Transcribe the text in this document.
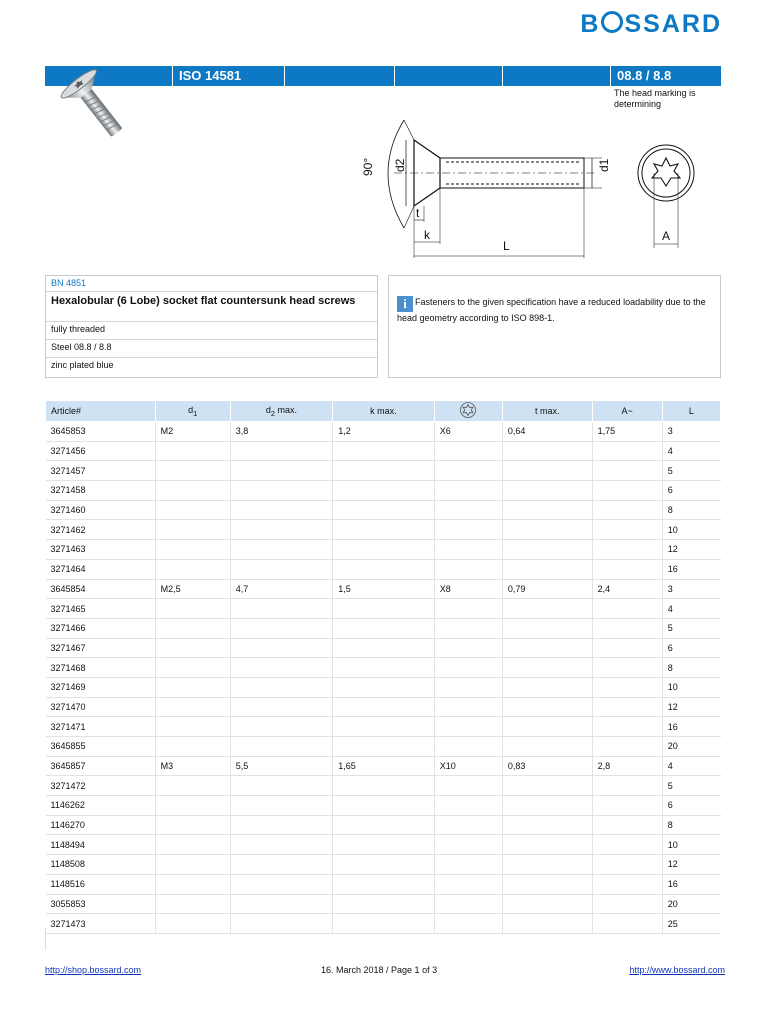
B SSARD
ISO 14581	08.8 / 8.8
The head marking is determining
90° d2	d1
t
k
L
A
BN 4851
Hexalobular (6 Lobe) socket flat countersunk head screws
fully threaded
Steel 08.8 / 8.8
zinc plated blue
i Fasteners to the given specification have a reduced loadability due to the head geometry according to ISO 898-1.
Article#	$d_1$	$d_2$ max.	k max.		t max.	A~	L
3645853	M2	3,8	1,2	X6	0,64	1,75	3
3271456							4
3271457							5
3271458							6
3271460							8
3271462							10
3271463							12
3271464							16
3645854	M2,5	4,7	1,5	X8	0,79	2,4	3
3271465							4
3271466							5
3271467							6
3271468							8
3271469							10
3271470							12
3271471							16
3645855							20
3645857	M3	5,5	1,65	X10	0,83	2,8	4
3271472							5
1146262							6
1146270							8
1148494							10
1148508							12
1148516							16
3055853							20
3271473							25
http://shop.bossard.com	16. March 2018 / Page 1 of 3	http://www.bossard.com
